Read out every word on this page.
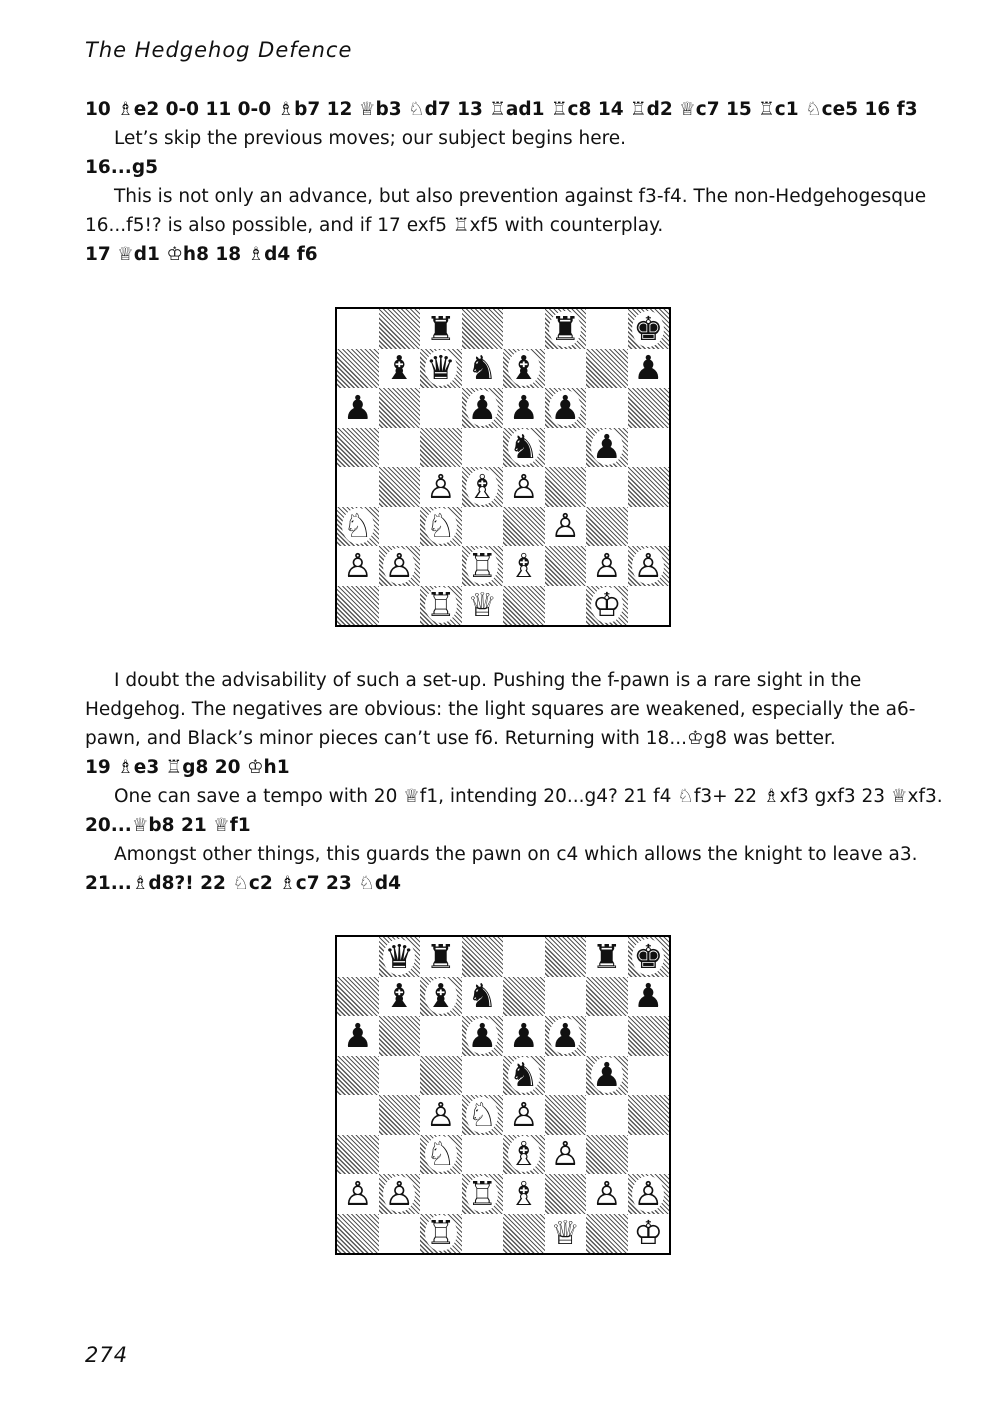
The Hedgehog Defence
10 ♗e2 0-0 11 0-0 ♗b7 12 ♕b3 ♘d7 13 ♖ad1 ♖c8 14 ♖d2 ♕c7 15 ♖c1 ♘ce5 16 f3
Let’s skip the previous moves; our subject begins here.
16...g5
This is not only an advance, but also prevention against f3-f4. The non-Hedgehogesque
16...f5!? is also possible, and if 17 exf5 ♖xf5 with counterplay.
17 ♕d1 ♔h8 18 ♗d4 f6
♜	♜ ♚
♝ ♛ ♞ ♝	♟
♟	♟ ♟ ♟
♞ ♟
♙ ♗ ♙
♘ ♘	♙
♙ ♙ ♖ ♗ ♙ ♙
♖ ♕	♔
I doubt the advisability of such a set-up. Pushing the f-pawn is a rare sight in the
Hedgehog. The negatives are obvious: the light squares are weakened, especially the a6-
pawn, and Black’s minor pieces can’t use f6. Returning with 18...♔g8 was better.
19 ♗e3 ♖g8 20 ♔h1
One can save a tempo with 20 ♕f1, intending 20...g4? 21 f4 ♘f3+ 22 ♗xf3 gxf3 23 ♕xf3.
20...♕b8 21 ♕f1
Amongst other things, this guards the pawn on c4 which allows the knight to leave a3.
21...♗d8?! 22 ♘c2 ♗c7 23 ♘d4
♛ ♜	♜ ♚
♝ ♝ ♞	♟
♟	♟ ♟ ♟
♞ ♟
♙ ♘ ♙
♘ ♗ ♙
♙ ♙ ♖ ♗ ♙ ♙
♖	♕ ♔
274
